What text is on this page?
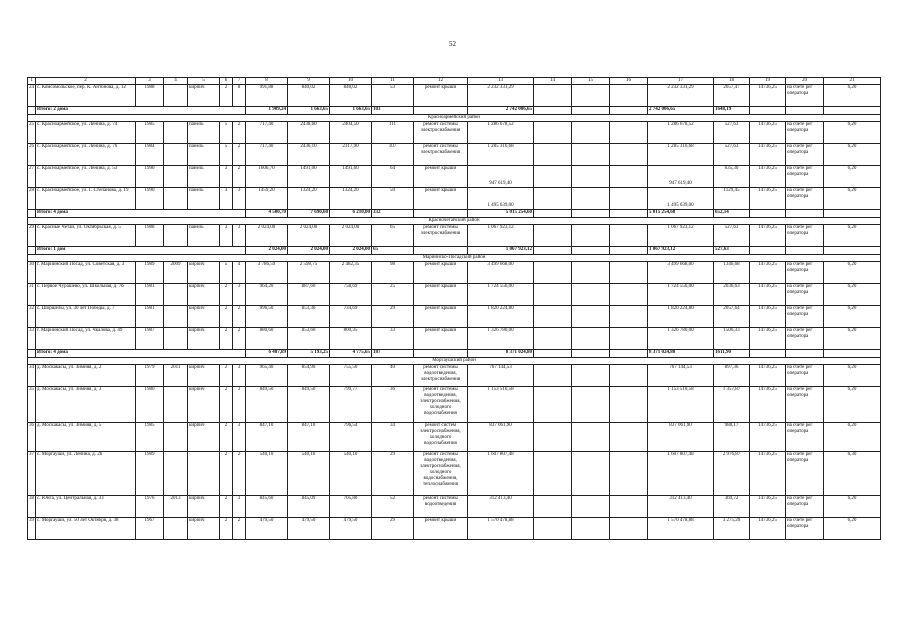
52
1	2	3	4	5	6	7	8	9	10	11	12	13	14	15	16	17	18	19	20	21
24	с. Комсомольское, пер. К. Антонова, д. 12	1988		кирпич	2	8	991,88	840,02	840,02	53	ремонт крыши	2 232 331,29				2 232 331,29	2657,47	14736,25	на счете рег оператора	6,20
	Итого: 2 дома						1 909,24	1 663,65	1 663,65	103		2 742 006,65				2 742 006,65	1648,19			
Красноармейский район																				
25	с. Красноармейское, ул. Ленина, д. 74	1985		панель	5	2	717,40	2438,60	2404,50	111	ремонт системы электроснабжения	1 286 678,52				1 286 678,52	527,63	14736,25	на счете рег оператора	6,20
26	с. Красноармейское, ул. Ленина, д. 76	1984		панель	5	2	717,40	2436,10	2317,90	107	ремонт системы электроснабжения	1 285 316,68				1 285 316,68	527,63	14736,25	на счете рег оператора	6,20
27	с. Красноармейское, ул. Ленина, д. 53	1990		панель	3	2	1606,70	1491,00	1491,60	64	ремонт крыши	947 619,40				947 619,40	635,30	14736,25	на счете рег оператора	6,20
28	с. Красноармейское, ул. Г. Степанова, д. 19	1990		панель	3	3	1459,20	1324,20	1324,20	50	ремонт крыши	1 495 639,00				1 495 639,00	1129,45	14736,25	на счете рег оператора	6,20
	Итого: 4 дома						4 500,70	7 690,60	6 210,00	332		5 015 254,60				5 015 254,60	652,14			
Красночетайский район																				
29	с. Красные Четаи, ул. Октябрьская, д. 5	1988		панель	3	3	2 024,00	2 024,00	2 024,00	65	ремонт системы электроснабжения	1 067 923,12				1 067 923,12	527,63	14736,25	на счете рег оператора	6,20
	Итого: 1 дом						2 024,00	2 024,00	2 024,00	65		1 067 923,12				1 067 923,12	527,63			
Мариинско-Посадский район																				
30	г. Мариинский Посад, ул. Советская, д. 3	1989	2009	кирпич	5	4	3 786,59	2 598,75	2 482,35	98	ремонт крыши	3 499 668,00				3 499 668,00	1346,68	14736,25	на счете рег оператора	6,20
31	с. Первое Чурашево, ул. Школьная, д. 7б	1981		кирпич	2	3	964,20	887,60	758,69	25	ремонт крыши	1 724 556,00				1 724 556,00	2036,63	14736,25	на счете рег оператора	6,20
32	с. Шоршелы, ул. 30 лет Победы, д. 7	1981		кирпич	2	2	996,50	853,30	734,69	29	ремонт крыши	1 820 224,80				1 820 224,80	2057,64	14736,25	на счете рег оператора	6,20
33	г. Мариинский Посад, ул. Чкалова, д. 49	1987		кирпич	2	2	880,60	853,60	800,35	33	ремонт крыши	1 326 780,00				1 326 780,00	1506,33	14736,25	на счете рег оператора	6,20
	Итого: 4 дома						6 487,89	5 193,25	4 775,65	187		8 371 024,80				8 371 024,80	1611,90			
Моргаушский район																				
34	д. Москакасы, ул. Зимняя, д. 2	1979	2011	кирпич	2	3	965,40	854,90	755,50	40	ремонт системы водоотведения, электроснабжения	767 144,53				767 144,53	897,36	14736,25	на счете рег оператора	6,20
35	д. Москакасы, ул. Зимняя, д. 3	1980		кирпич	2	3	849,50	849,50	799,77	36	ремонт системы водоотведения, электроснабжения, холодного водоснабжения	1 153 510,58				1 153 510,58	1 357,87	14736,25	на счете рег оператора	6,20
36	д. Москакасы, ул. Зимняя, д. 5	1985		кирпич	2	3	847,10	847,10	796,54	34	ремонт систем электроснабжения, холодного водоснабжения	837 061,90				837 061,90	988,17	14736,25	на счете рег оператора	6,20
37	с. Моргауши, ул. Ленина, д. 26	1989			2	2	540,10	540,10	540,10	29	ремонт системы водоотведения, электроснабжения, холодного водоснабжения, теплоснабжения	1 607 807,48				1 607 807,48	2 976,87	14736,25	на счете рег оператора	6,30
38	с. Юнга, ул. Центральная, д. 33	1976	2013	кирпич	2	3	845,60	845,09	705,80	52	ремонт системы водоотведения	312 413,40				312 413,40	369,72	14736,25	на счете рег оператора	6,20
39	с. Моргауши, ул. 50 лет Октября, д. 38	1967		кирпич	2	2	479,50	479,50	479,50	29	ремонт крыши	1 570 478,88				1 570 478,88	3 275,20	14736,25	на счете рег оператора	6,20
